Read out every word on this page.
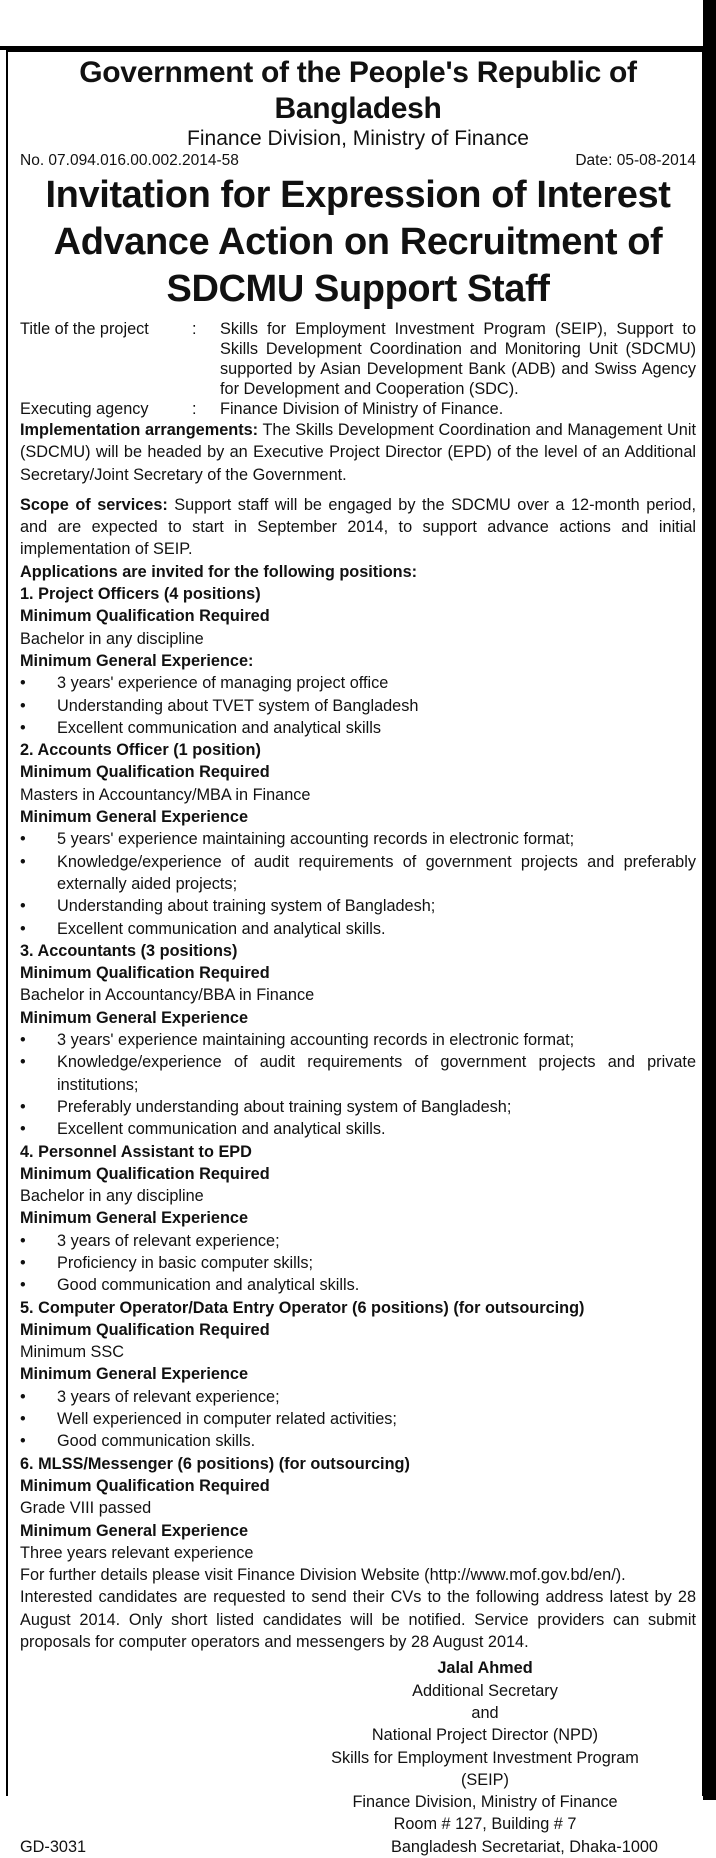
Government of the People's Republic of Bangladesh
Finance Division, Ministry of Finance
No. 07.094.016.00.002.2014-58	Date: 05-08-2014
Invitation for Expression of Interest
Advance Action on Recruitment of
SDCMU Support Staff
Title of the project	:	Skills for Employment Investment Program (SEIP), Support to Skills Development Coordination and Monitoring Unit (SDCMU) supported by Asian Development Bank (ADB) and Swiss Agency for Development and Cooperation (SDC).
Executing agency	:	Finance Division of Ministry of Finance.
Implementation arrangements: The Skills Development Coordination and Management Unit (SDCMU) will be headed by an Executive Project Director (EPD) of the level of an Additional Secretary/Joint Secretary of the Government.
Scope of services: Support staff will be engaged by the SDCMU over a 12-month period, and are expected to start in September 2014, to support advance actions and initial implementation of SEIP.
Applications are invited for the following positions:
1. Project Officers (4 positions)
Minimum Qualification Required
Bachelor in any discipline
Minimum General Experience:
•	3 years' experience of managing project office
•	Understanding about TVET system of Bangladesh
•	Excellent communication and analytical skills
2. Accounts Officer (1 position)
Minimum Qualification Required
Masters in Accountancy/MBA in Finance
Minimum General Experience
•	5 years' experience maintaining accounting records in electronic format;
•	Knowledge/experience of audit requirements of government projects and preferably externally aided projects;
•	Understanding about training system of Bangladesh;
•	Excellent communication and analytical skills.
3. Accountants (3 positions)
Minimum Qualification Required
Bachelor in Accountancy/BBA in Finance
Minimum General Experience
•	3 years' experience maintaining accounting records in electronic format;
•	Knowledge/experience of audit requirements of government projects and private institutions;
•	Preferably understanding about training system of Bangladesh;
•	Excellent communication and analytical skills.
4. Personnel Assistant to EPD
Minimum Qualification Required
Bachelor in any discipline
Minimum General Experience
•	3 years of relevant experience;
•	Proficiency in basic computer skills;
•	Good communication and analytical skills.
5. Computer Operator/Data Entry Operator (6 positions) (for outsourcing)
Minimum Qualification Required
Minimum SSC
Minimum General Experience
•	3 years of relevant experience;
•	Well experienced in computer related activities;
•	Good communication skills.
6. MLSS/Messenger (6 positions) (for outsourcing)
Minimum Qualification Required
Grade VIII passed
Minimum General Experience
Three years relevant experience
For further details please visit Finance Division Website (http://www.mof.gov.bd/en/).
Interested candidates are requested to send their CVs to the following address latest by 28 August 2014. Only short listed candidates will be notified. Service providers can submit proposals for computer operators and messengers by 28 August 2014.
Jalal Ahmed
Additional Secretary
and
National Project Director (NPD)
Skills for Employment Investment Program (SEIP)
Finance Division, Ministry of Finance
Room # 127, Building # 7
GD-3031	Bangladesh Secretariat, Dhaka-1000
